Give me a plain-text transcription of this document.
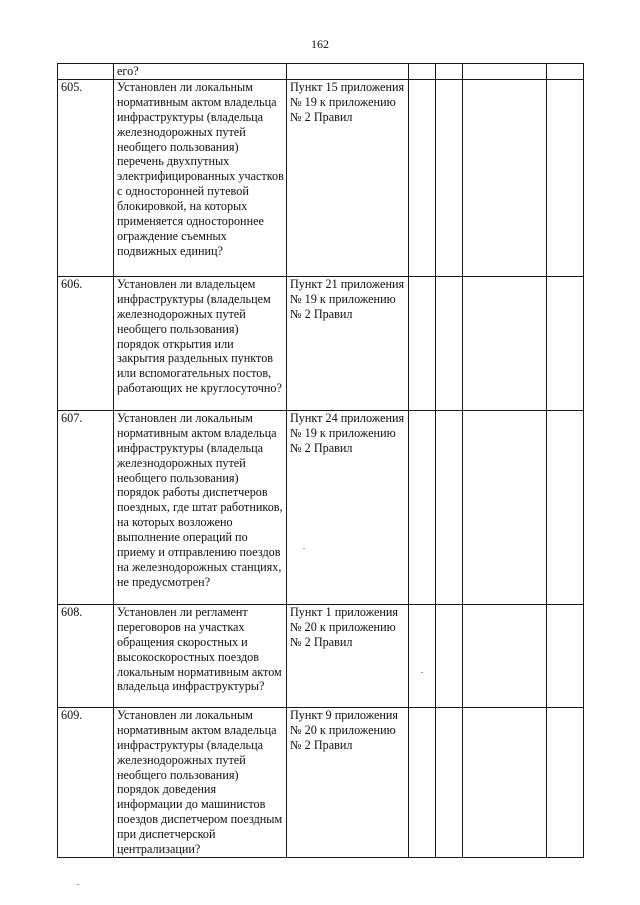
162
	его?					
605.	Установлен ли локальным нормативным актом владельца инфраструктуры (владельца железнодорожных путей необщего пользования) перечень двухпутных электрифицированных участков с односторонней путевой блокировкой, на которых применяется одностороннее ограждение съемных подвижных единиц?	Пункт 15 приложения № 19 к приложению № 2 Правил				
606.	Установлен ли владельцем инфраструктуры (владельцем железнодорожных путей необщего пользования) порядок открытия или закрытия раздельных пунктов или вспомогательных постов, работающих не круглосуточно?	Пункт 21 приложения № 19 к приложению № 2 Правил				
607.	Установлен ли локальным нормативным актом владельца инфраструктуры (владельца железнодорожных путей необщего пользования) порядок работы диспетчеров поездных, где штат работников, на которых возложено выполнение операций по приему и отправлению поездов на железнодорожных станциях, не предусмотрен?	Пункт 24 приложения № 19 к приложению № 2 Правил				
608.	Установлен ли регламент переговоров на участках обращения скоростных и высокоскоростных поездов локальным нормативным актом владельца инфраструктуры?	Пункт 1 приложения № 20 к приложению № 2 Правил				
609.	Установлен ли локальным нормативным актом владельца инфраструктуры (владельца железнодорожных путей необщего пользования) порядок доведения информации до машинистов поездов диспетчером поездным при диспетчерской централизации?	Пункт 9 приложения № 20 к приложению № 2 Правил				
